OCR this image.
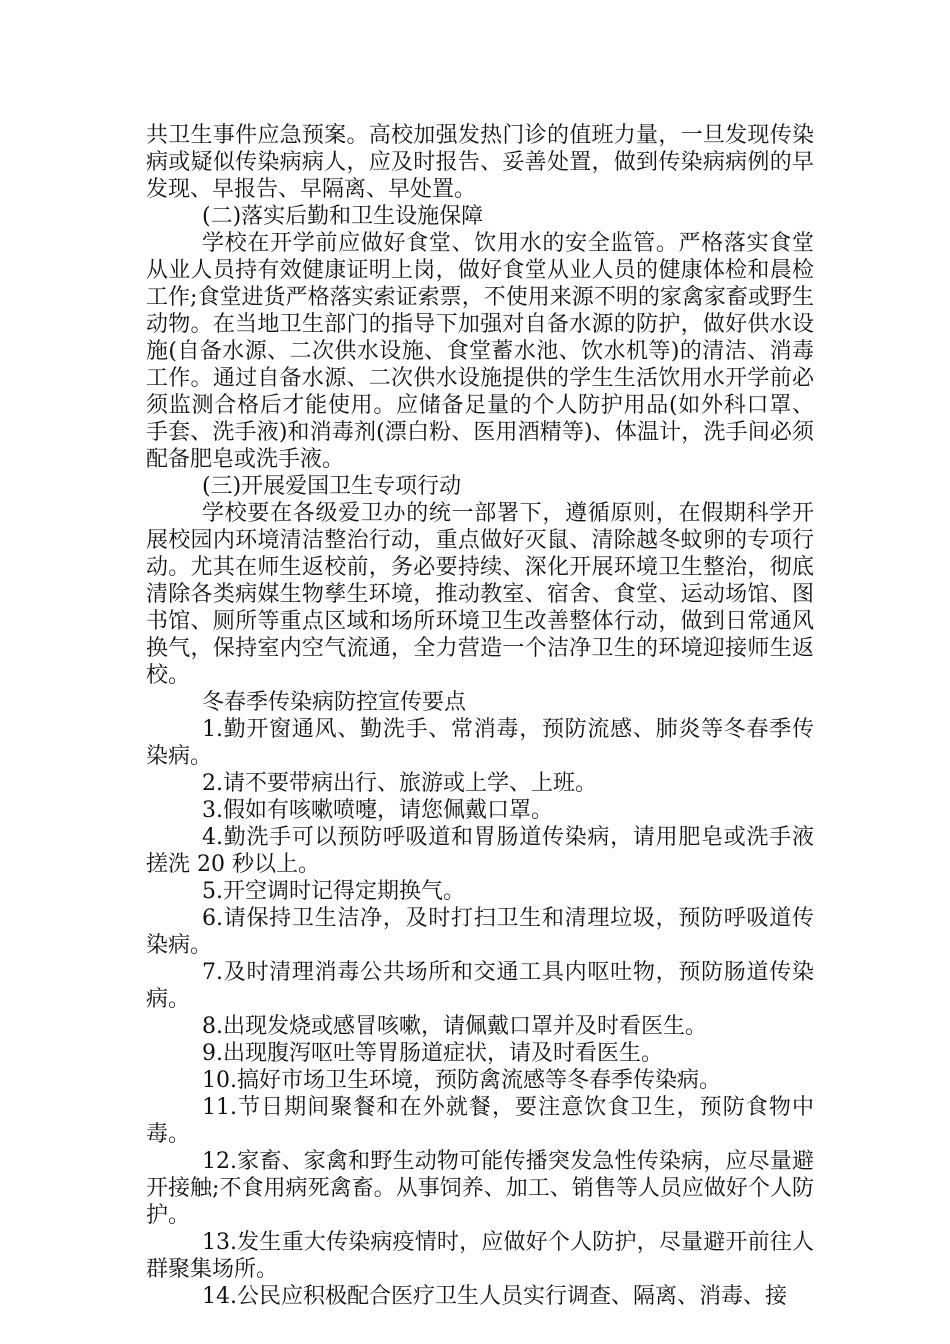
共卫生事件应急预案。高校加强发热门诊的值班力量，一旦发现传染病或疑似传染病病人，应及时报告、妥善处置，做到传染病病例的早发现、早报告、早隔离、早处置。

(二)落实后勤和卫生设施保障

学校在开学前应做好食堂、饮用水的安全监管。严格落实食堂从业人员持有效健康证明上岗，做好食堂从业人员的健康体检和晨检工作;食堂进货严格落实索证索票，不使用来源不明的家禽家畜或野生动物。在当地卫生部门的指导下加强对自备水源的防护，做好供水设施(自备水源、二次供水设施、食堂蓄水池、饮水机等)的清洁、消毒工作。通过自备水源、二次供水设施提供的学生生活饮用水开学前必须监测合格后才能使用。应储备足量的个人防护用品(如外科口罩、手套、洗手液)和消毒剂(漂白粉、医用酒精等)、体温计，洗手间必须配备肥皂或洗手液。

(三)开展爱国卫生专项行动

学校要在各级爱卫办的统一部署下，遵循原则，在假期科学开展校园内环境清洁整治行动，重点做好灭鼠、清除越冬蚊卵的专项行动。尤其在师生返校前，务必要持续、深化开展环境卫生整治，彻底清除各类病媒生物孳生环境，推动教室、宿舍、食堂、运动场馆、图书馆、厕所等重点区域和场所环境卫生改善整体行动，做到日常通风换气，保持室内空气流通，全力营造一个洁净卫生的环境迎接师生返校。

冬春季传染病防控宣传要点

1.勤开窗通风、勤洗手、常消毒，预防流感、肺炎等冬春季传染病。

2.请不要带病出行、旅游或上学、上班。

3.假如有咳嗽喷嚏，请您佩戴口罩。

4.勤洗手可以预防呼吸道和胃肠道传染病，请用肥皂或洗手液搓洗 20 秒以上。

5.开空调时记得定期换气。

6.请保持卫生洁净，及时打扫卫生和清理垃圾，预防呼吸道传染病。

7.及时清理消毒公共场所和交通工具内呕吐物，预防肠道传染病。

8.出现发烧或感冒咳嗽，请佩戴口罩并及时看医生。

9.出现腹泻呕吐等胃肠道症状，请及时看医生。

10.搞好市场卫生环境，预防禽流感等冬春季传染病。

11.节日期间聚餐和在外就餐，要注意饮食卫生，预防食物中毒。

12.家畜、家禽和野生动物可能传播突发急性传染病，应尽量避开接触;不食用病死禽畜。从事饲养、加工、销售等人员应做好个人防护。

13.发生重大传染病疫情时，应做好个人防护，尽量避开前往人群聚集场所。

14.公民应积极配合医疗卫生人员实行调查、隔离、消毒、接
